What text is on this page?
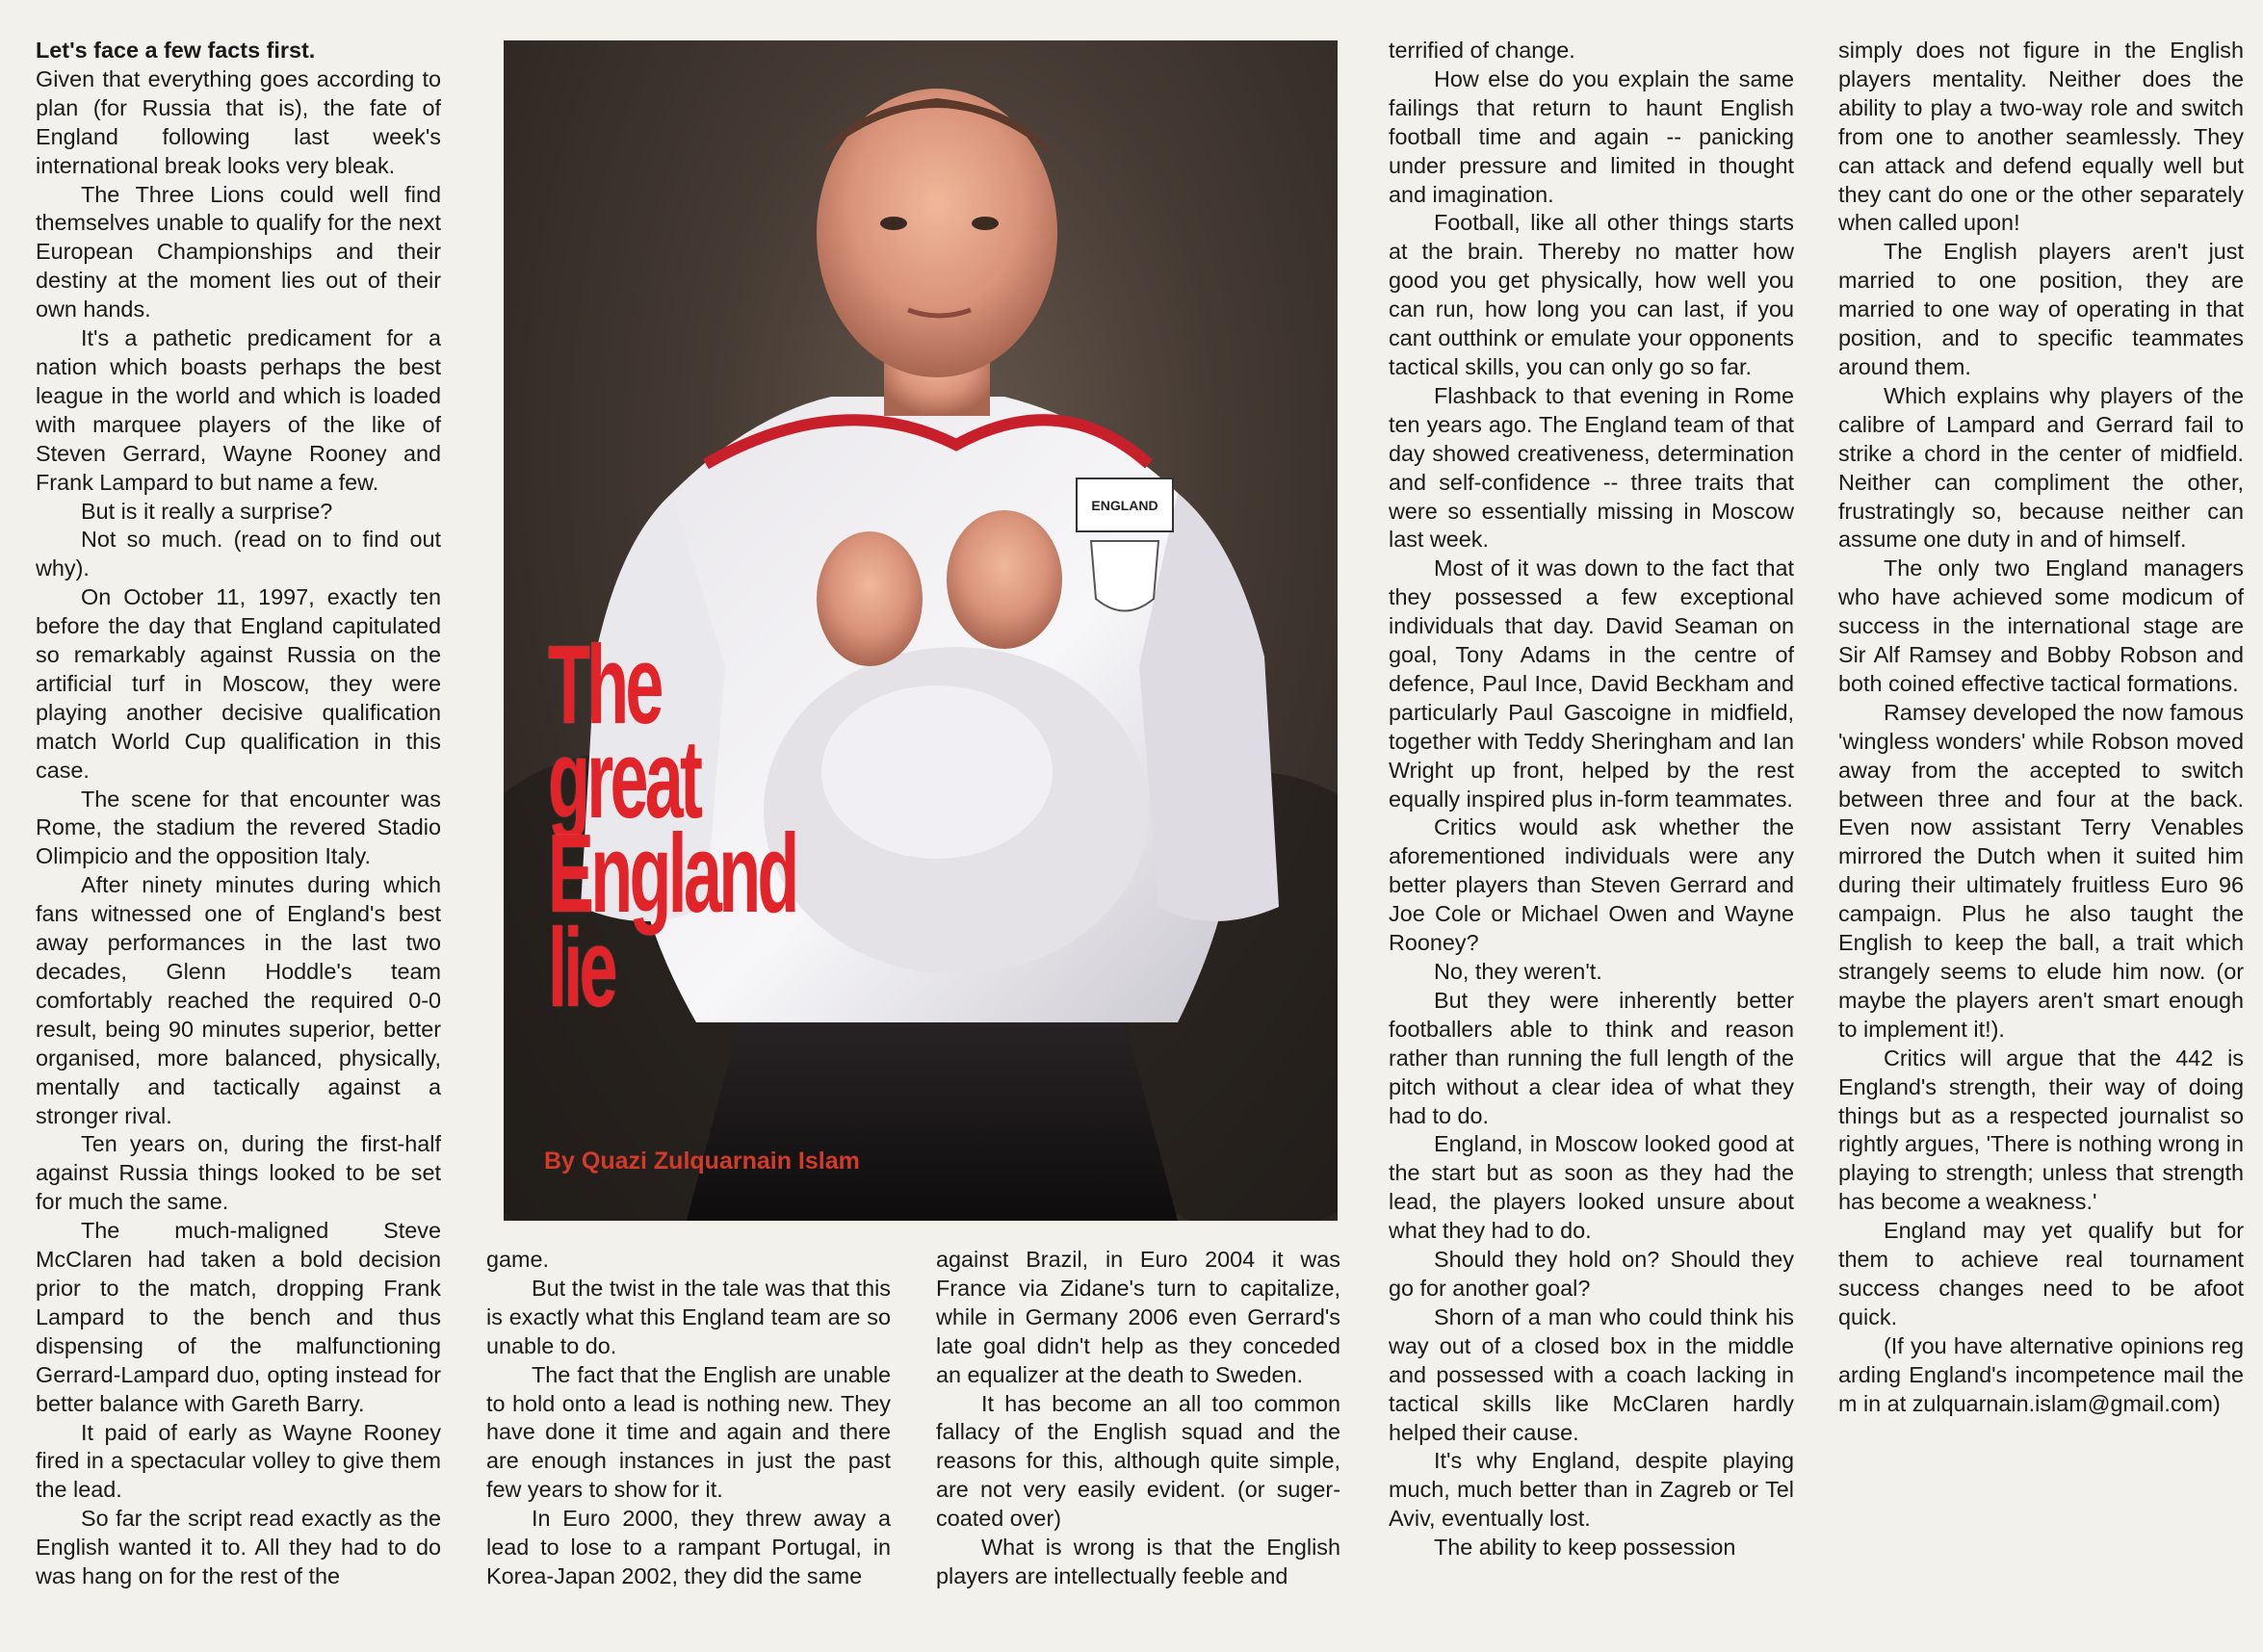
Let's face a few facts first.

Given that everything goes according to plan (for Russia that is), the fate of England following last week's international break looks very bleak.

The Three Lions could well find themselves unable to qualify for the next European Championships and their destiny at the moment lies out of their own hands.

It's a pathetic predicament for a nation which boasts perhaps the best league in the world and which is loaded with marquee players of the like of Steven Gerrard, Wayne Rooney and Frank Lampard to but name a few.

But is it really a surprise?

Not so much. (read on to find out why).

On October 11, 1997, exactly ten before the day that England capitulated so remarkably against Russia on the artificial turf in Moscow, they were playing another decisive qualification match World Cup qualification in this case.

The scene for that encounter was Rome, the stadium the revered Stadio Olimpicio and the opposition Italy.

After ninety minutes during which fans witnessed one of England's best away performances in the last two decades, Glenn Hoddle's team comfortably reached the required 0-0 result, being 90 minutes superior, better organised, more balanced, physically, mentally and tactically against a stronger rival.

Ten years on, during the first-half against Russia things looked to be set for much the same.

The much-maligned Steve McClaren had taken a bold decision prior to the match, dropping Frank Lampard to the bench and thus dispensing of the malfunctioning Gerrard-Lampard duo, opting instead for better balance with Gareth Barry.

It paid of early as Wayne Rooney fired in a spectacular volley to give them the lead.

So far the script read exactly as the English wanted it to. All they had to do was hang on for the rest of the

ENGLAND
The
great
England
lie
By Quazi Zulquarnain Islam

game.

But the twist in the tale was that this is exactly what this England team are so unable to do.

The fact that the English are unable to hold onto a lead is nothing new. They have done it time and again and there are enough instances in just the past few years to show for it.

In Euro 2000, they threw away a lead to lose to a rampant Portugal, in Korea-Japan 2002, they did the same

against Brazil, in Euro 2004 it was France via Zidane's turn to capitalize, while in Germany 2006 even Gerrard's late goal didn't help as they conceded an equalizer at the death to Sweden.

It has become an all too common fallacy of the English squad and the reasons for this, although quite simple, are not very easily evident. (or suger-coated over)

What is wrong is that the English players are intellectually feeble and

terrified of change.

How else do you explain the same failings that return to haunt English football time and again -- panicking under pressure and limited in thought and imagination.

Football, like all other things starts at the brain. Thereby no matter how good you get physically, how well you can run, how long you can last, if you cant outthink or emulate your opponents tactical skills, you can only go so far.

Flashback to that evening in Rome ten years ago. The England team of that day showed creativeness, determination and self-confidence -- three traits that were so essentially missing in Moscow last week.

Most of it was down to the fact that they possessed a few exceptional individuals that day. David Seaman on goal, Tony Adams in the centre of defence, Paul Ince, David Beckham and particularly Paul Gascoigne in midfield, together with Teddy Sheringham and Ian Wright up front, helped by the rest equally inspired plus in-form teammates.

Critics would ask whether the aforementioned individuals were any better players than Steven Gerrard and Joe Cole or Michael Owen and Wayne Rooney?

No, they weren't.

But they were inherently better footballers able to think and reason rather than running the full length of the pitch without a clear idea of what they had to do.

England, in Moscow looked good at the start but as soon as they had the lead, the players looked unsure about what they had to do.

Should they hold on? Should they go for another goal?

Shorn of a man who could think his way out of a closed box in the middle and possessed with a coach lacking in tactical skills like McClaren hardly helped their cause.

It's why England, despite playing much, much better than in Zagreb or Tel Aviv, eventually lost.

The ability to keep possession

simply does not figure in the English players mentality. Neither does the ability to play a two-way role and switch from one to another seamlessly. They can attack and defend equally well but they cant do one or the other separately when called upon!

The English players aren't just married to one position, they are married to one way of operating in that position, and to specific teammates around them.

Which explains why players of the calibre of Lampard and Gerrard fail to strike a chord in the center of midfield. Neither can compliment the other, frustratingly so, because neither can assume one duty in and of himself.

The only two England managers who have achieved some modicum of success in the international stage are Sir Alf Ramsey and Bobby Robson and both coined effective tactical formations.

Ramsey developed the now famous 'wingless wonders' while Robson moved away from the accepted to switch between three and four at the back. Even now assistant Terry Venables mirrored the Dutch when it suited him during their ultimately fruitless Euro 96 campaign. Plus he also taught the English to keep the ball, a trait which strangely seems to elude him now. (or maybe the players aren't smart enough to implement it!).

Critics will argue that the 442 is England's strength, their way of doing things but as a respected journalist so rightly argues, 'There is nothing wrong in playing to strength; unless that strength has become a weakness.'

England may yet qualify but for them to achieve real tournament success changes need to be afoot quick.

(If you have alternative opinions regarding England's incompetence mail them in at zulquarnain.islam@gmail.com)
